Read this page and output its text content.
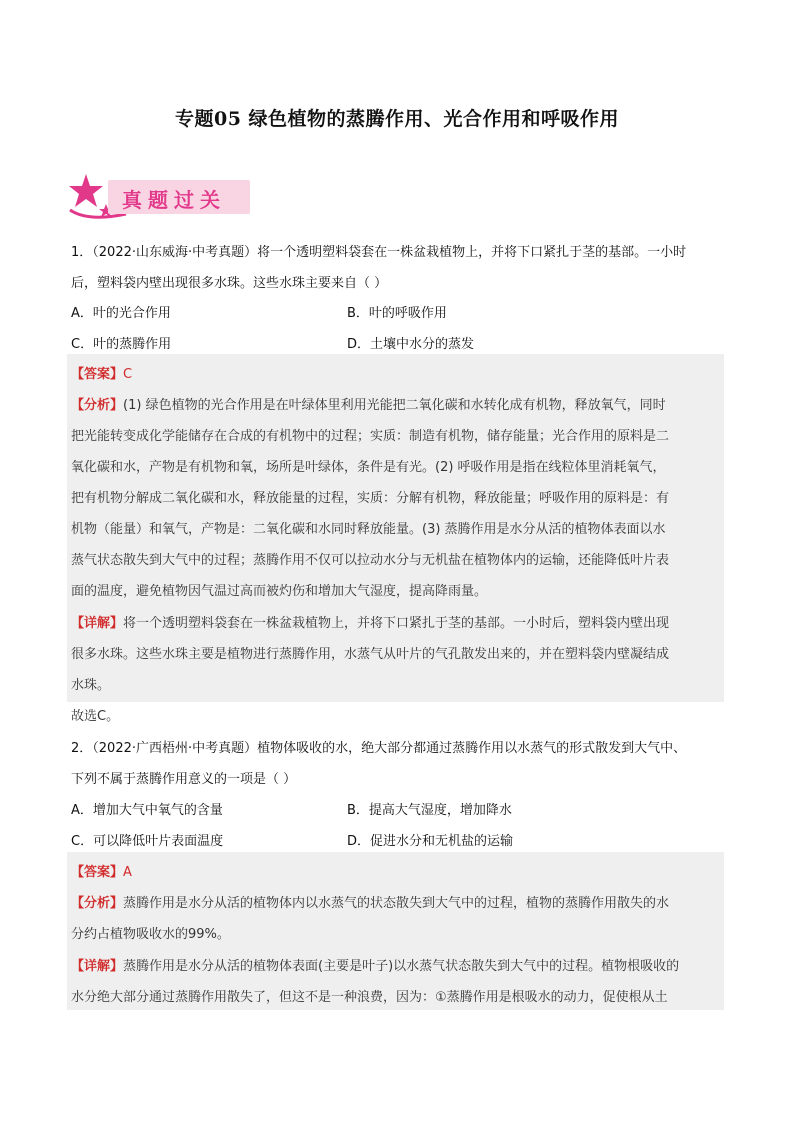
专题05 绿色植物的蒸腾作用、光合作用和呼吸作用
真题过关
1．（2022·山东威海·中考真题）将一个透明塑料袋套在一株盆栽植物上，并将下口紧扎于茎的基部。一小时
后，塑料袋内壁出现很多水珠。这些水珠主要来自（ ）
A．叶的光合作用	B．叶的呼吸作用
C．叶的蒸腾作用	D．土壤中水分的蒸发
【答案】C
【分析】(1) 绿色植物的光合作用是在叶绿体里利用光能把二氧化碳和水转化成有机物，释放氧气，同时
把光能转变成化学能储存在合成的有机物中的过程；实质：制造有机物，储存能量；光合作用的原料是二
氧化碳和水，产物是有机物和氧，场所是叶绿体，条件是有光。(2) 呼吸作用是指在线粒体里消耗氧气，
把有机物分解成二氧化碳和水，释放能量的过程，实质：分解有机物，释放能量；呼吸作用的原料是：有
机物（能量）和氧气，产物是：二氧化碳和水同时释放能量。(3) 蒸腾作用是水分从活的植物体表面以水
蒸气状态散失到大气中的过程；蒸腾作用不仅可以拉动水分与无机盐在植物体内的运输，还能降低叶片表
面的温度，避免植物因气温过高而被灼伤和增加大气湿度，提高降雨量。
【详解】将一个透明塑料袋套在一株盆栽植物上，并将下口紧扎于茎的基部。一小时后，塑料袋内壁出现
很多水珠。这些水珠主要是植物进行蒸腾作用，水蒸气从叶片的气孔散发出来的，并在塑料袋内壁凝结成
水珠。
故选C。
2．（2022·广西梧州·中考真题）植物体吸收的水，绝大部分都通过蒸腾作用以水蒸气的形式散发到大气中、
下列不属于蒸腾作用意义的一项是（ ）
A．增加大气中氧气的含量	B．提高大气湿度，增加降水
C．可以降低叶片表面温度	D．促进水分和无机盐的运输
【答案】A
【分析】蒸腾作用是水分从活的植物体内以水蒸气的状态散失到大气中的过程，植物的蒸腾作用散失的水
分约占植物吸收水的99%。
【详解】蒸腾作用是水分从活的植物体表面(主要是叶子)以水蒸气状态散失到大气中的过程。植物根吸收的
水分绝大部分通过蒸腾作用散失了，但这不是一种浪费，因为：①蒸腾作用是根吸水的动力，促使根从土
